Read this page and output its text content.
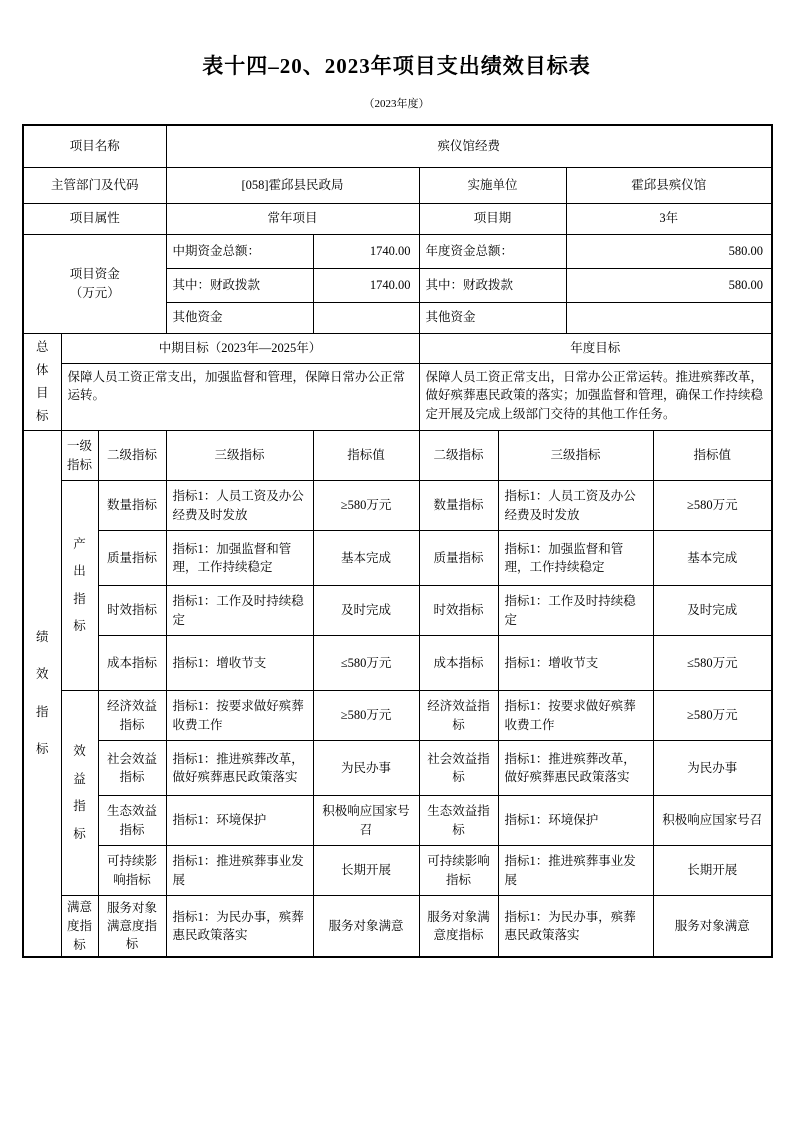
表十四–20、2023年项目支出绩效目标表
（2023年度）
项目名称			殡仪馆经费					
主管部门及代码			[058]霍邱县民政局		实施单位		霍邱县殡仪馆	
项目属性			常年项目		项目期		3年	

项目资金
（万元）			中期资金总额：	1740.00	年度资金总额：		580.00	
			其中：财政拨款	1740.00	其中：财政拨款		580.00	
			其他资金		其他资金			

总体目标	中期目标（2023年—2025年）				年度目标			
	保障人员工资正常支出，加强监督和管理，保障日常办公正常运转。				保障人员工资正常支出，日常办公正常运转。推进殡葬改革，做好殡葬惠民政策的落实；加强监督和管理，确保工作持续稳定开展及完成上级部门交待的其他工作任务。			

绩效指标	一级指标	二级指标	三级指标	指标值	二级指标	三级指标		指标值

	产出指标	数量指标	指标1：人员工资及办公经费及时发放	≥580万元	数量指标	指标1：人员工资及办公经费及时发放		≥580万元
		质量指标	指标1：加强监督和管理，工作持续稳定	基本完成	质量指标	指标1：加强监督和管理，工作持续稳定		基本完成
		时效指标	指标1：工作及时持续稳定	及时完成	时效指标	指标1：工作及时持续稳定		及时完成
		成本指标	指标1：增收节支	≤580万元	成本指标	指标1：增收节支		≤580万元

	效益指标	经济效益指标	指标1：按要求做好殡葬收费工作	≥580万元	经济效益指标	指标1：按要求做好殡葬收费工作		≥580万元
		社会效益指标	指标1：推进殡葬改革，做好殡葬惠民政策落实	为民办事	社会效益指标	指标1：推进殡葬改革，做好殡葬惠民政策落实		为民办事
		生态效益指标	指标1：环境保护	积极响应国家号召	生态效益指标	指标1：环境保护		积极响应国家号召
		可持续影响指标	指标1：推进殡葬事业发展	长期开展	可持续影响指标	指标1：推进殡葬事业发展		长期开展

	满意度指标	服务对象满意度指标	指标1：为民办事，殡葬惠民政策落实	服务对象满意	服务对象满意度指标	指标1：为民办事，殡葬惠民政策落实		服务对象满意
